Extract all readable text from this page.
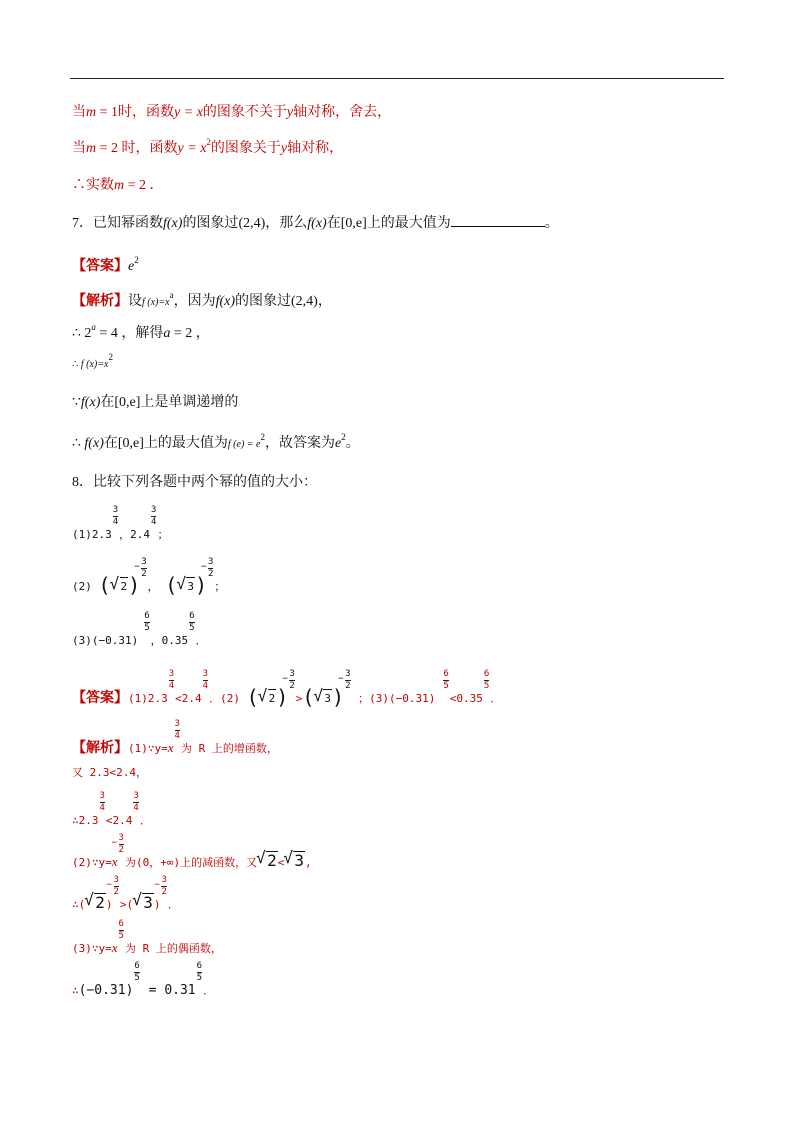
当m = 1时，函数y = x的图象不关于y轴对称，舍去，
当m = 2 时，函数$y = x^2$的图象关于y轴对称，
∴实数m = 2 ．
7．已知幂函数f(x)的图象过(2,4)，那么f(x)在[0,e]上的最大值为	。
【答案】$e^2$
【解析】设f $(x)=x^a$，因为f(x)的图象过(2,4)，
∴ $2^a = 4$ ，解得a = 2 ，
∴ f $(x)=x^2$
∵f(x)在[0,e]上是单调递增的
∴ f(x)在[0,e]上的最大值为f $(e) = e^2$，故答案为$e^2$。
8．比较下列各题中两个幂的值的大小：
(1)2.3
$\frac{3}{4}$
，2.4
$\frac{3}{4}$
；
(2) ( √ 2)
− $\frac{3}{2}$
， ( √ 3)
− $\frac{3}{2}$
；
(3)(−0.31)
$\frac{6}{5}$
，0.35
$\frac{6}{5}$
．
【答案】(1)2.3
$\frac{3}{4}$
<2.4
$\frac{3}{4}$
．(2) ( √ 2)
− $\frac{3}{2}$
>( √ 3)
− $\frac{3}{2}$
；(3)(−0.31)
$\frac{6}{5}$
<0.35
$\frac{6}{5}$
．
【解析】(1)∵y=x
$\frac{3}{4}$
为 R 上的增函数，
又 2.3<2.4，
∴2.3
$\frac{3}{4}$
<2.4
$\frac{3}{4}$
．
(2)∵y=x
− $\frac{3}{2}$
为(0，+∞)上的减函数，又 √ 2< √ 3,
∴( √ 2)
− $\frac{3}{2}$
>( √ 3)
− $\frac{3}{2}$
．
(3)∵y=x
$\frac{6}{5}$
为 R 上的偶函数，
∴(−0.31)
$\frac{6}{5}$
= 0.31
$\frac{6}{5}$
．
